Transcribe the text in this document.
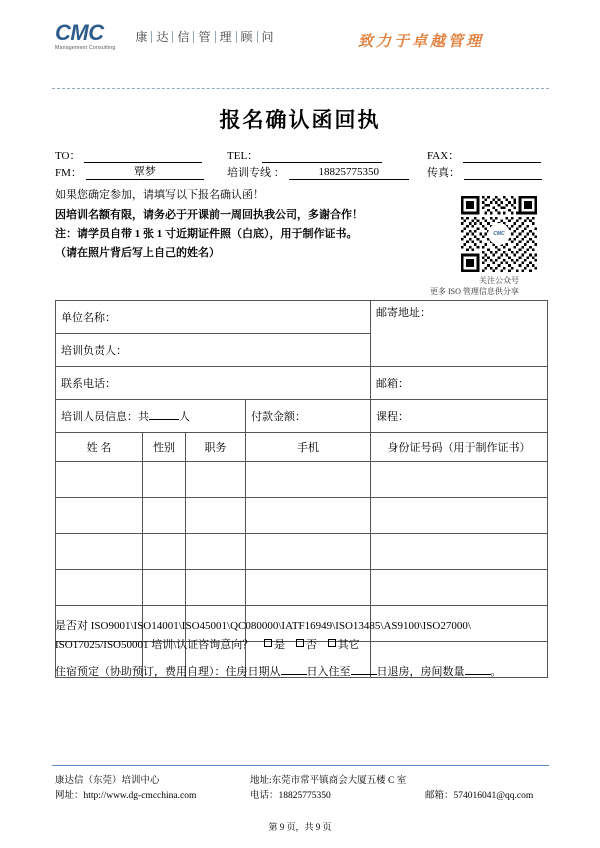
CMC
Management Consulting
康 达 信 管 理 顾 问	致力于卓越管理
报名确认函回执
TO：	TEL：	FAX：
FM：	覃梦	培训专线 ：	18825775350	传真：
如果您确定参加，请填写以下报名确认函！
因培训名额有限，请务必于开课前一周回执我公司，多谢合作！
注：请学员自带 1 张 1 寸近期证件照（白底），用于制作证书。
（请在照片背后写上自己的姓名）
CMC
关注公众号
更多 ISO 管理信息供分享
单位名称：				邮寄地址：
培训负责人：				
联系电话：				邮箱：
培训人员信息：共 人			付款金额：	课程：
姓 名	性别	职务	手机	身份证号码（用于制作证书）

是否对 ISO9001\ISO14001\ISO45001\QC080000\IATF16949\ISO13485\AS9100\ISO27000\
ISO17025/ISO50001 培训\认证咨询意向？ 是 否 其它
住宿预定（协助预订，费用自理）：住房日期从 日入住至 日退房，房间数量 。
康达信（东莞）培训中心	地址:东莞市常平镇商会大厦五楼 C 室
网址：http://www.dg-cmcchina.com	电话：18825775350	邮箱：574016041@qq.com
第 9 页，共 9 页
